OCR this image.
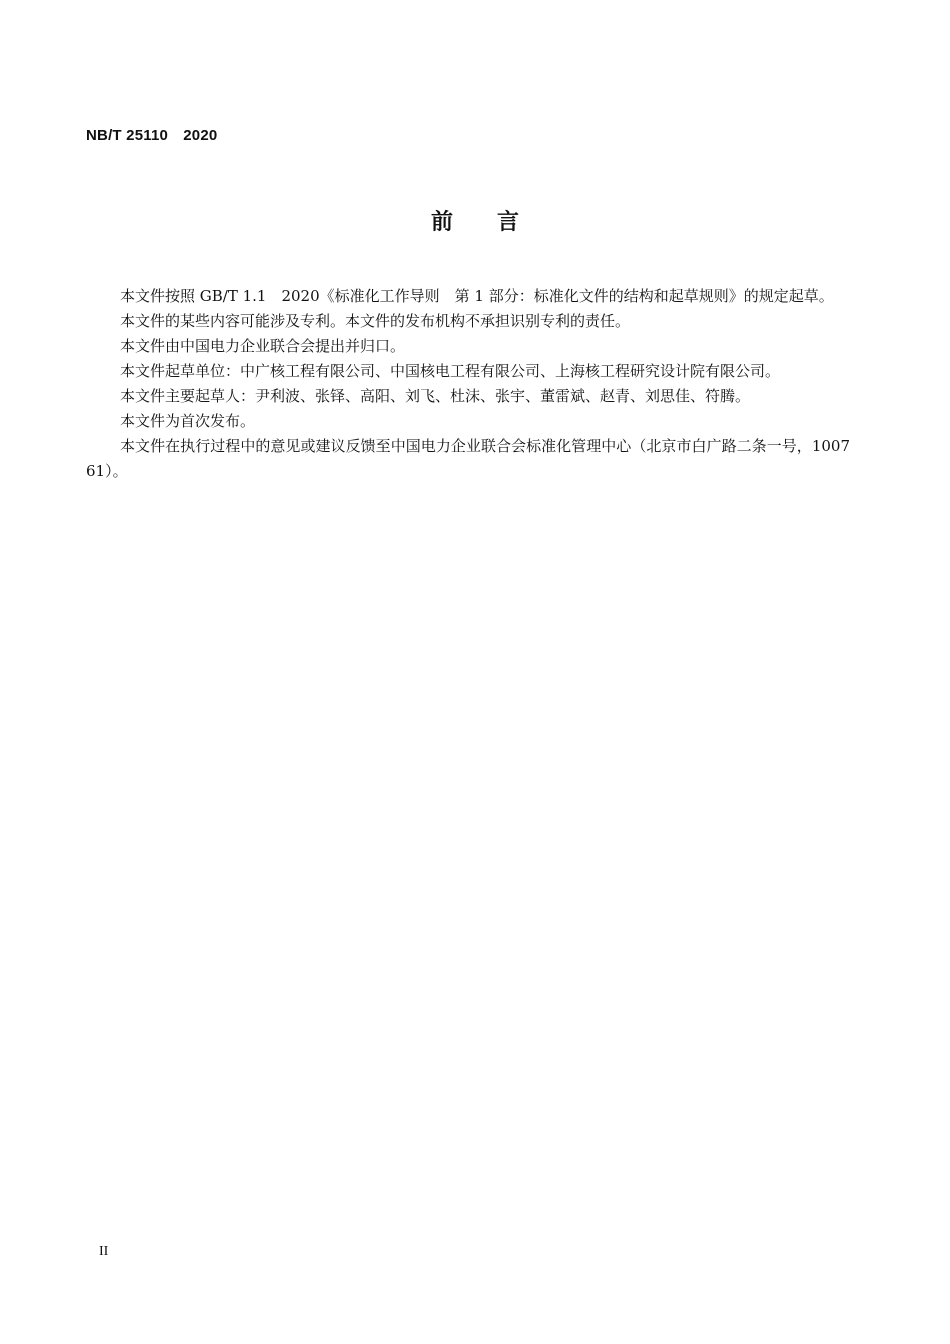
NB/T 25110　2020
前　　言

本文件按照 GB/T 1.1　2020《标准化工作导则　第 1 部分：标准化文件的结构和起草规则》的规定起草。

本文件的某些内容可能涉及专利。本文件的发布机构不承担识别专利的责任。

本文件由中国电力企业联合会提出并归口。

本文件起草单位：中广核工程有限公司、中国核电工程有限公司、上海核工程研究设计院有限公司。

本文件主要起草人：尹利波、张铎、高阳、刘飞、杜沫、张宇、董雷斌、赵青、刘思佳、符腾。

本文件为首次发布。

本文件在执行过程中的意见或建议反馈至中国电力企业联合会标准化管理中心（北京市白广路二条一号，100761）。

II
